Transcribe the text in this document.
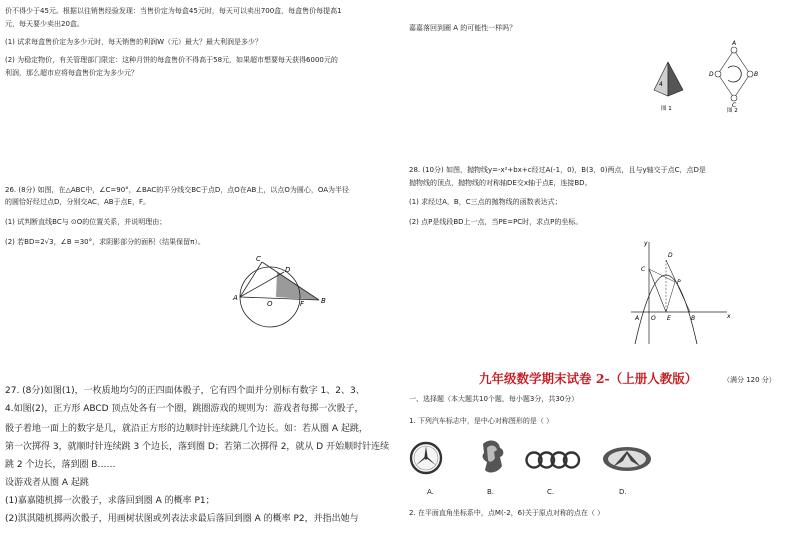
价不得少于45元。根据以往销售经验发现：当售价定为每盒45元时，每天可以卖出700盒，每盒售价每提高1
元，每天要少卖出20盒。
(1) 试求每盒售价定为多少元时，每天销售的利润W（元）最大？最大利润是多少？
(2) 为稳定物价，有关管理部门限定：这种月饼的每盒售价不得高于58元，如果超市想要每天获得6000元的
利润，那么超市应将每盒售价定为多少元？
26. (8分) 如图，在△ABC中，∠C=90°，∠BAC的平分线交BC于点D，点O在AB上，以点O为圆心，OA为半径
的圆恰好经过点D，分别交AC，AB于点E，F。
(1) 试判断直线BC与 ⊙O的位置关系，并说明理由；
(2) 若BD=2√3，∠B =30°，求阴影部分的面积（结果保留π）。
C
D
A
O	F B
27. (8分)如图(1)，一枚质地均匀的正四面体骰子，它有四个面并分别标有数字 1、2、3、
4.如图(2)，正方形 ABCD 顶点处各有一个圈，跳圈游戏的规则为：游戏者每掷一次骰子，
骰子着地一面上的数字是几，就沿正方形的边顺时针连续跳几个边长。如：若从圈 A 起跳，
第一次掷得 3，就顺时针连续跳 3 个边长，落到圈 D；若第二次掷得 2，就从 D 开始顺时针连续
跳 2 个边长，落到圈 B……
设游戏者从圈 A 起跳
(1)嘉嘉随机掷一次骰子，求落回到圈 A 的概率 P1；
(2)淇淇随机掷两次骰子，用画树状图或列表法求最后落回到圈 A 的概率 P2，并指出她与
嘉嘉落回到圈 A 的可能性一样吗？
4
图 1
A
B
C
D
图 2
28. (10分) 如图，抛物线y=-x²+bx+c经过A(-1，0)，B(3，0)两点，且与y轴交于点C，点D是
抛物线的顶点，抛物线的对称轴DE交x轴于点E，连接BD。
(1) 求经过A，B，C三点的抛物线的函数表达式；
(2) 点P是线段BD上一点，当PE=PC时，求点P的坐标。
y
x
D
C
P
A O E	B
九年级数学期末试卷 2-（上册人教版）	（满分 120 分）
一、选择题（本大题共10个题，每小题3分，共30分）
1. 下列汽车标志中，是中心对称图形的是（ ）
A.	B.	C.	D.
2. 在平面直角坐标系中，点M(-2，6)关于原点对称的点在（ ）
